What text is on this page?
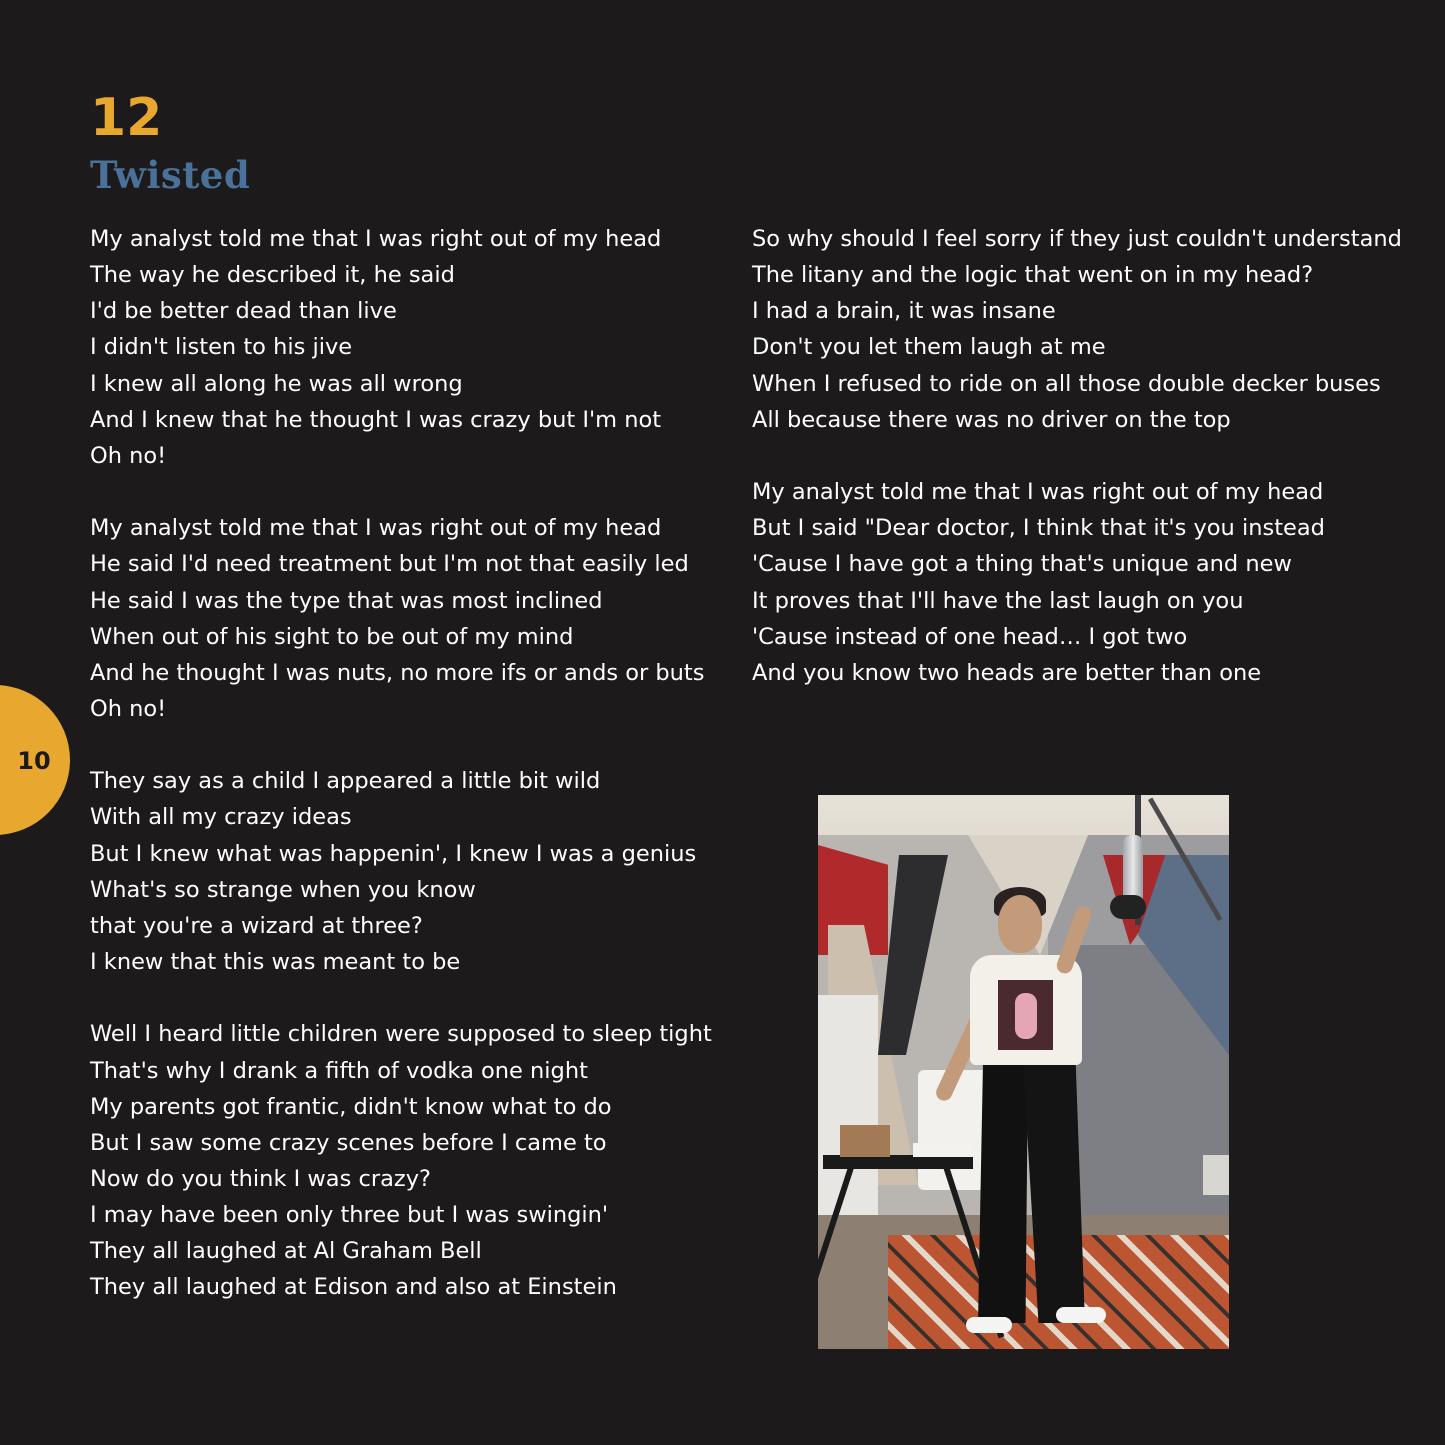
12
Twisted

My analyst told me that I was right out of my head
The way he described it, he said
I'd be better dead than live
I didn't listen to his jive
I knew all along he was all wrong
And I knew that he thought I was crazy but I'm not
Oh no!

My analyst told me that I was right out of my head
He said I'd need treatment but I'm not that easily led
He said I was the type that was most inclined
When out of his sight to be out of my mind
And he thought I was nuts, no more ifs or ands or buts
Oh no!

They say as a child I appeared a little bit wild
With all my crazy ideas
But I knew what was happenin', I knew I was a genius
What's so strange when you know
that you're a wizard at three?
I knew that this was meant to be

Well I heard little children were supposed to sleep tight
That's why I drank a fifth of vodka one night
My parents got frantic, didn't know what to do
But I saw some crazy scenes before I came to
Now do you think I was crazy?
I may have been only three but I was swingin'
They all laughed at Al Graham Bell
They all laughed at Edison and also at Einstein

So why should I feel sorry if they just couldn't understand
The litany and the logic that went on in my head?
I had a brain, it was insane
Don't you let them laugh at me
When I refused to ride on all those double decker buses
All because there was no driver on the top

My analyst told me that I was right out of my head
But I said "Dear doctor, I think that it's you instead
'Cause I have got a thing that's unique and new
It proves that I'll have the last laugh on you
'Cause instead of one head… I got two
And you know two heads are better than one

10
